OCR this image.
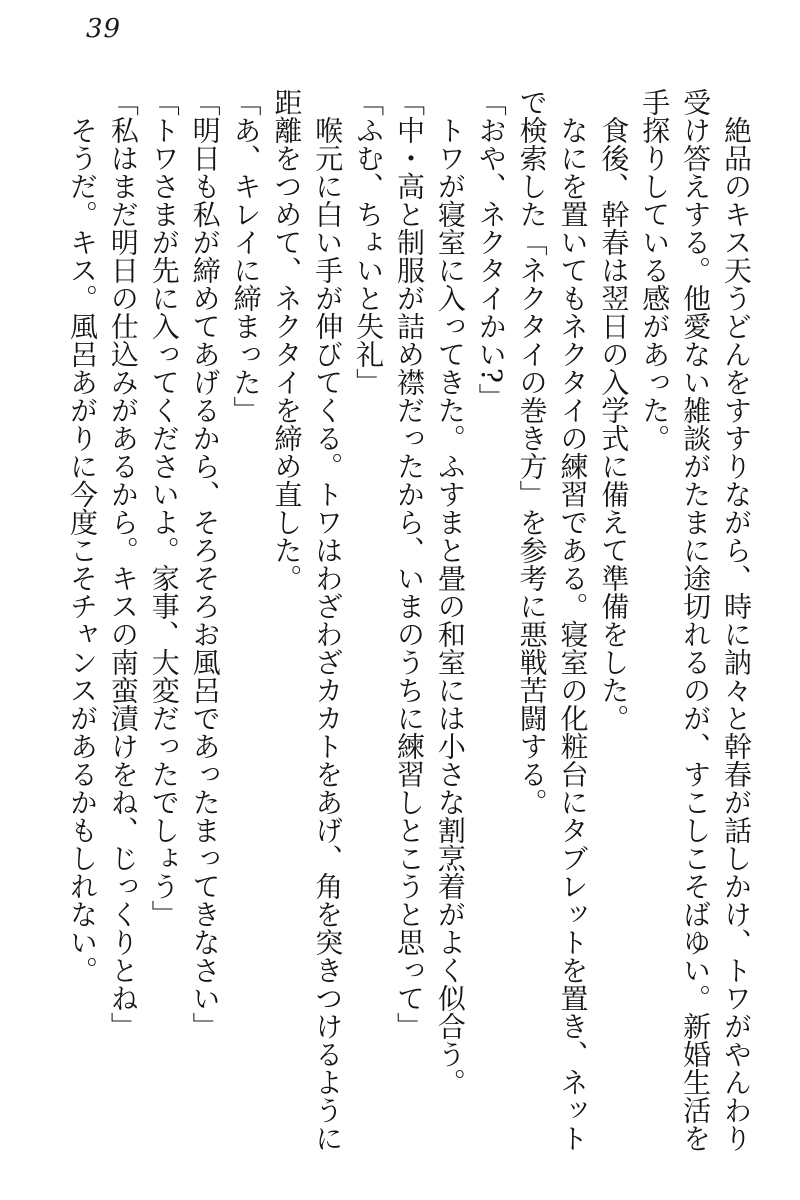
39

絶品のキス天うどんをすすりながら、時に訥々と幹春が話しかけ、トワがやんわり受け答えする。他愛ない雑談がたまに途切れるのが、すこしこそばゆい。新婚生活を手探りしている感があった。

食後、幹春は翌日の入学式に備えて準備をした。

なにを置いてもネクタイの練習である。寝室の化粧台にタブレットを置き、ネットで検索した「ネクタイの巻き方」を参考に悪戦苦闘する。

「おや、ネクタイかい?」

トワが寝室に入ってきた。ふすまと畳の和室には小さな割烹着がよく似合う。

「中・高と制服が詰め襟だったから、いまのうちに練習しとこうと思って」

「ふむ、ちょいと失礼」

喉元に白い手が伸びてくる。トワはわざわざカカトをあげ、角を突きつけるように距離をつめて、ネクタイを締め直した。

「あ、キレイに締まった」

「明日も私が締めてあげるから、そろそろお風呂であったまってきなさい」

「トワさまが先に入ってくださいよ。家事、大変だったでしょう」

「私はまだ明日の仕込みがあるから。キスの南蛮漬けをね、じっくりとね」

そうだ。キス。風呂あがりに今度こそチャンスがあるかもしれない。
